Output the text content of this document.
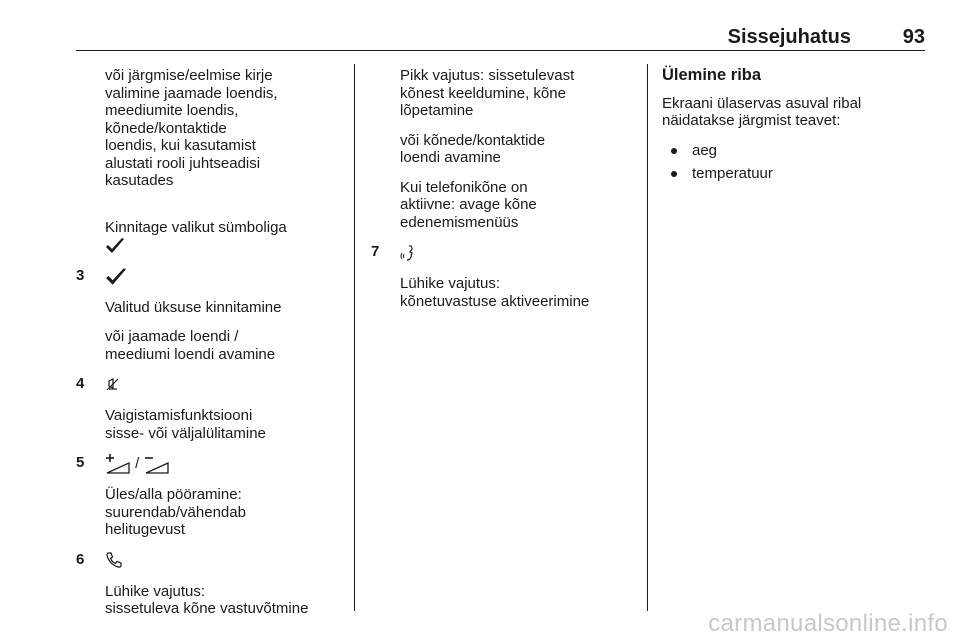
Sissejuhatus	93

või järgmise/eelmise kirje
valimine jaamade loendis,
meediumite loendis,
kõnede/kontaktide
loendis, kui kasutamist
alustati rooli juhtseadisi
kasutades

Kinnitage valikut sümboliga

3

Valitud üksuse kinnitamine

või jaamade loendi /
meediumi loendi avamine

4

Vaigistamisfunktsiooni
sisse- või väljalülitamine

5	/

Üles/alla pööramine:
suurendab/vähendab
helitugevust

6

Lühike vajutus:
sissetuleva kõne vastuvõtmine

Pikk vajutus: sissetulevast
kõnest keeldumine, kõne
lõpetamine

või kõnede/kontaktide
loendi avamine

Kui telefonikõne on
aktiivne: avage kõne
edenemismenüüs

7

Lühike vajutus:
kõnetuvastuse aktiveerimine

Ülemine riba

Ekraani ülaservas asuval ribal
näidatakse järgmist teavet:

aeg
temperatuur
carmanualsonline.info
